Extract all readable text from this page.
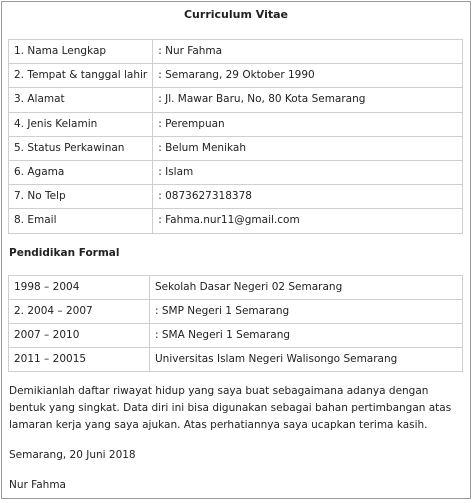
Curriculum Vitae
1. Nama Lengkap	: Nur Fahma
2. Tempat & tanggal lahir	: Semarang, 29 Oktober 1990
3. Alamat	: Jl. Mawar Baru, No, 80 Kota Semarang
4. Jenis Kelamin	: Perempuan
5. Status Perkawinan	: Belum Menikah
6. Agama	: Islam
7. No Telp	: 0873627318378
8. Email	: Fahma.nur11@gmail.com
Pendidikan Formal
1998 – 2004	Sekolah Dasar Negeri 02 Semarang
2. 2004 – 2007	: SMP Negeri 1 Semarang
2007 – 2010	: SMA Negeri 1 Semarang
2011 – 20015	Universitas Islam Negeri Walisongo Semarang

Demikianlah daftar riwayat hidup yang saya buat sebagaimana adanya dengan bentuk yang singkat. Data diri ini bisa digunakan sebagai bahan pertimbangan atas lamaran kerja yang saya ajukan. Atas perhatiannya saya ucapkan terima kasih.

Semarang, 20 Juni 2018
Nur Fahma
